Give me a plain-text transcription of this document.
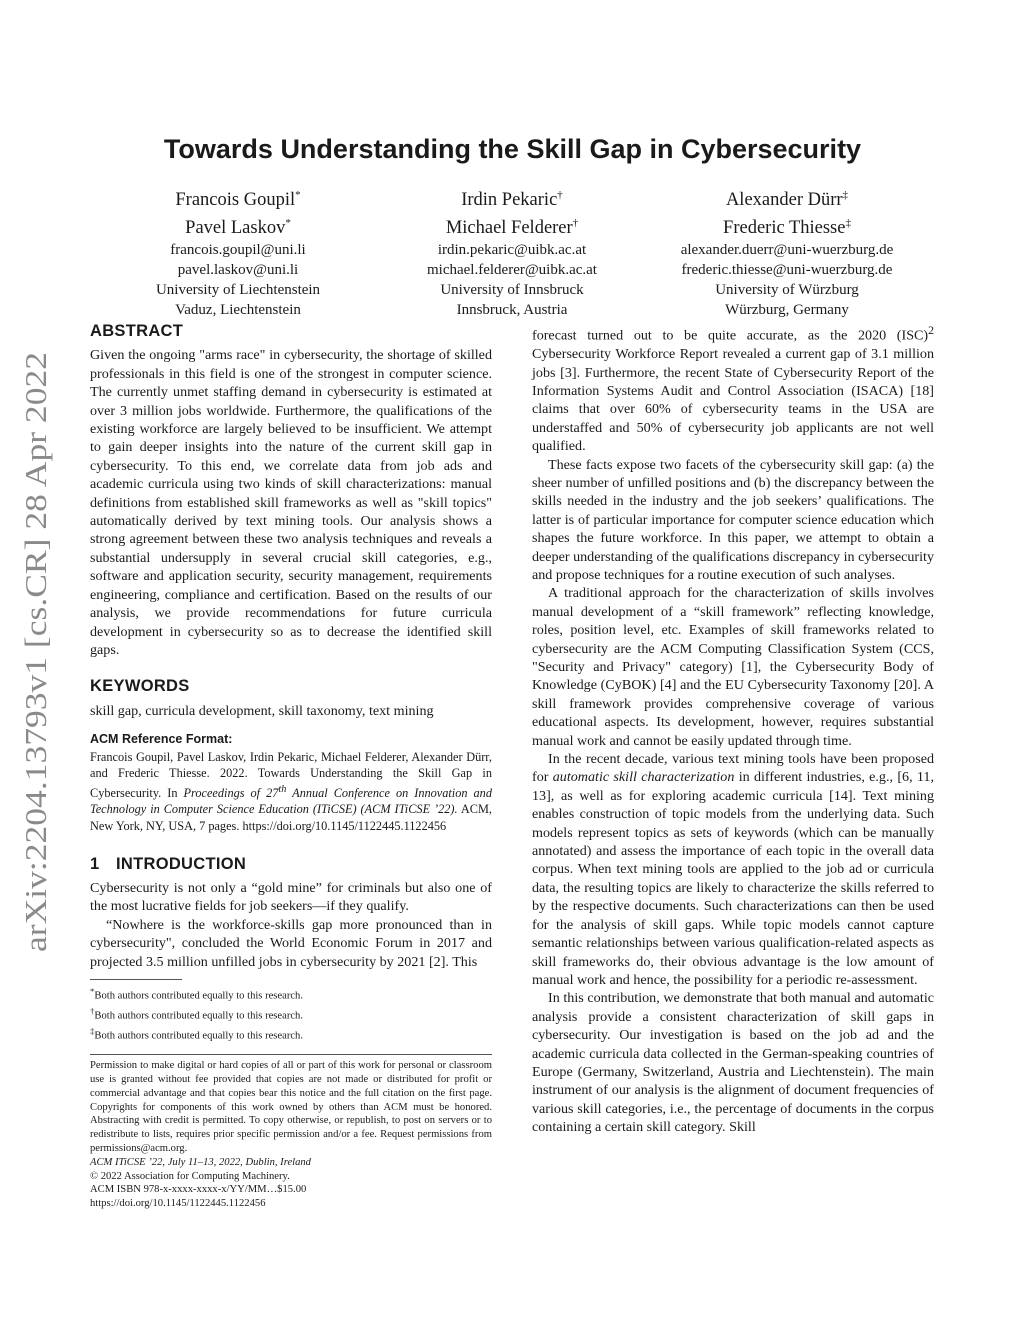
arXiv:2204.13793v1 [cs.CR] 28 Apr 2022
Towards Understanding the Skill Gap in Cybersecurity
Francois Goupil*
Pavel Laskov*
francois.goupil@uni.li
pavel.laskov@uni.li
University of Liechtenstein
Vaduz, Liechtenstein
Irdin Pekaric†
Michael Felderer†
irdin.pekaric@uibk.ac.at
michael.felderer@uibk.ac.at
University of Innsbruck
Innsbruck, Austria
Alexander Dürr‡
Frederic Thiesse‡
alexander.duerr@uni-wuerzburg.de
frederic.thiesse@uni-wuerzburg.de
University of Würzburg
Würzburg, Germany
ABSTRACT

Given the ongoing "arms race" in cybersecurity, the shortage of skilled professionals in this field is one of the strongest in computer science. The currently unmet staffing demand in cybersecurity is estimated at over 3 million jobs worldwide. Furthermore, the qualifications of the existing workforce are largely believed to be insufficient. We attempt to gain deeper insights into the nature of the current skill gap in cybersecurity. To this end, we correlate data from job ads and academic curricula using two kinds of skill characterizations: manual definitions from established skill frameworks as well as "skill topics" automatically derived by text mining tools. Our analysis shows a strong agreement between these two analysis techniques and reveals a substantial undersupply in several crucial skill categories, e.g., software and application security, security management, requirements engineering, compliance and certification. Based on the results of our analysis, we provide recommendations for future curricula development in cybersecurity so as to decrease the identified skill gaps.

KEYWORDS

skill gap, curricula development, skill taxonomy, text mining

ACM Reference Format:

Francois Goupil, Pavel Laskov, Irdin Pekaric, Michael Felderer, Alexander Dürr, and Frederic Thiesse. 2022. Towards Understanding the Skill Gap in Cybersecurity. In Proceedings of 27th Annual Conference on Innovation and Technology in Computer Science Education (ITiCSE) (ACM ITiCSE ’22). ACM, New York, NY, USA, 7 pages. https://doi.org/10.1145/1122445.1122456

1 INTRODUCTION

Cybersecurity is not only a “gold mine” for criminals but also one of the most lucrative fields for job seekers—if they qualify.

“Nowhere is the workforce-skills gap more pronounced than in cybersecurity", concluded the World Economic Forum in 2017 and projected 3.5 million unfilled jobs in cybersecurity by 2021 [2]. This

*Both authors contributed equally to this research.
†Both authors contributed equally to this research.
‡Both authors contributed equally to this research.

Permission to make digital or hard copies of all or part of this work for personal or classroom use is granted without fee provided that copies are not made or distributed for profit or commercial advantage and that copies bear this notice and the full citation on the first page. Copyrights for components of this work owned by others than ACM must be honored. Abstracting with credit is permitted. To copy otherwise, or republish, to post on servers or to redistribute to lists, requires prior specific permission and/or a fee. Request permissions from permissions@acm.org.

ACM ITiCSE ’22, July 11–13, 2022, Dublin, Ireland
© 2022 Association for Computing Machinery.
ACM ISBN 978-x-xxxx-xxxx-x/YY/MM…$15.00
https://doi.org/10.1145/1122445.1122456

forecast turned out to be quite accurate, as the 2020 (ISC)$^2$ Cybersecurity Workforce Report revealed a current gap of 3.1 million jobs [3]. Furthermore, the recent State of Cybersecurity Report of the Information Systems Audit and Control Association (ISACA) [18] claims that over 60% of cybersecurity teams in the USA are understaffed and 50% of cybersecurity job applicants are not well qualified.

These facts expose two facets of the cybersecurity skill gap: (a) the sheer number of unfilled positions and (b) the discrepancy between the skills needed in the industry and the job seekers’ qualifications. The latter is of particular importance for computer science education which shapes the future workforce. In this paper, we attempt to obtain a deeper understanding of the qualifications discrepancy in cybersecurity and propose techniques for a routine execution of such analyses.

A traditional approach for the characterization of skills involves manual development of a “skill framework” reflecting knowledge, roles, position level, etc. Examples of skill frameworks related to cybersecurity are the ACM Computing Classification System (CCS, "Security and Privacy" category) [1], the Cybersecurity Body of Knowledge (CyBOK) [4] and the EU Cybersecurity Taxonomy [20]. A skill framework provides comprehensive coverage of various educational aspects. Its development, however, requires substantial manual work and cannot be easily updated through time.

In the recent decade, various text mining tools have been proposed for automatic skill characterization in different industries, e.g., [6, 11, 13], as well as for exploring academic curricula [14]. Text mining enables construction of topic models from the underlying data. Such models represent topics as sets of keywords (which can be manually annotated) and assess the importance of each topic in the overall data corpus. When text mining tools are applied to the job ad or curricula data, the resulting topics are likely to characterize the skills referred to by the respective documents. Such characterizations can then be used for the analysis of skill gaps. While topic models cannot capture semantic relationships between various qualification-related aspects as skill frameworks do, their obvious advantage is the low amount of manual work and hence, the possibility for a periodic re-assessment.

In this contribution, we demonstrate that both manual and automatic analysis provide a consistent characterization of skill gaps in cybersecurity. Our investigation is based on the job ad and the academic curricula data collected in the German-speaking countries of Europe (Germany, Switzerland, Austria and Liechtenstein). The main instrument of our analysis is the alignment of document frequencies of various skill categories, i.e., the percentage of documents in the corpus containing a certain skill category. Skill
